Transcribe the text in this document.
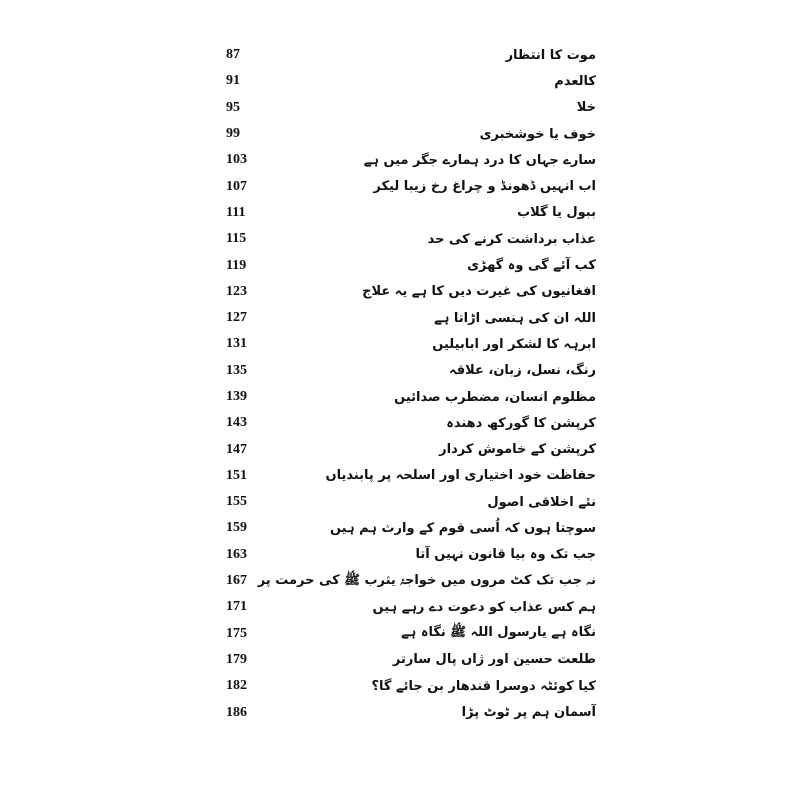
87	موت کا انتظار
91	کالعدم
95	خلا
99	خوف یا خوشخبری
103	سارے جہاں کا درد ہمارے جگر میں ہے
107	اب انہیں ڈھونڈ و چراغ رخ زیبا لیکر
111	ببول یا گلاب
115	عذاب برداشت کرنے کی حد
119	کب آئے گی وہ گھڑی
123	افغانیوں کی غیرت دیں کا ہے یہ علاج
127	اللہ ان کی ہنسی اڑاتا ہے
131	ابرہہ کا لشکر اور ابابیلیں
135	رنگ، نسل، زبان، علاقہ
139	مظلوم انسان، مضطرب صدائیں
143	کرپشن کا گورکھ دھندہ
147	کرپشن کے خاموش کردار
151	حفاظت خود اختیاری اور اسلحہ پر پابندیاں
155	نئے اخلاقی اصول
159	سوچتا ہوں کہ اُسی قوم کے وارث ہم ہیں
163	جب تک وہ بیا قانون نہیں آتا
167 نہ جب تک کٹ مروں میں خواجۂ یثرب ﷺ کی حرمت پر
171	ہم کس عذاب کو دعوت دے رہے ہیں
175	نگاہ ہے یارسول اللہ ﷺ نگاہ ہے
179	طلعت حسین اور ژاں پال سارتر
182	کیا کوئٹہ دوسرا قندھار بن جائے گا؟
186	آسمان ہم پر ٹوٹ پڑا
